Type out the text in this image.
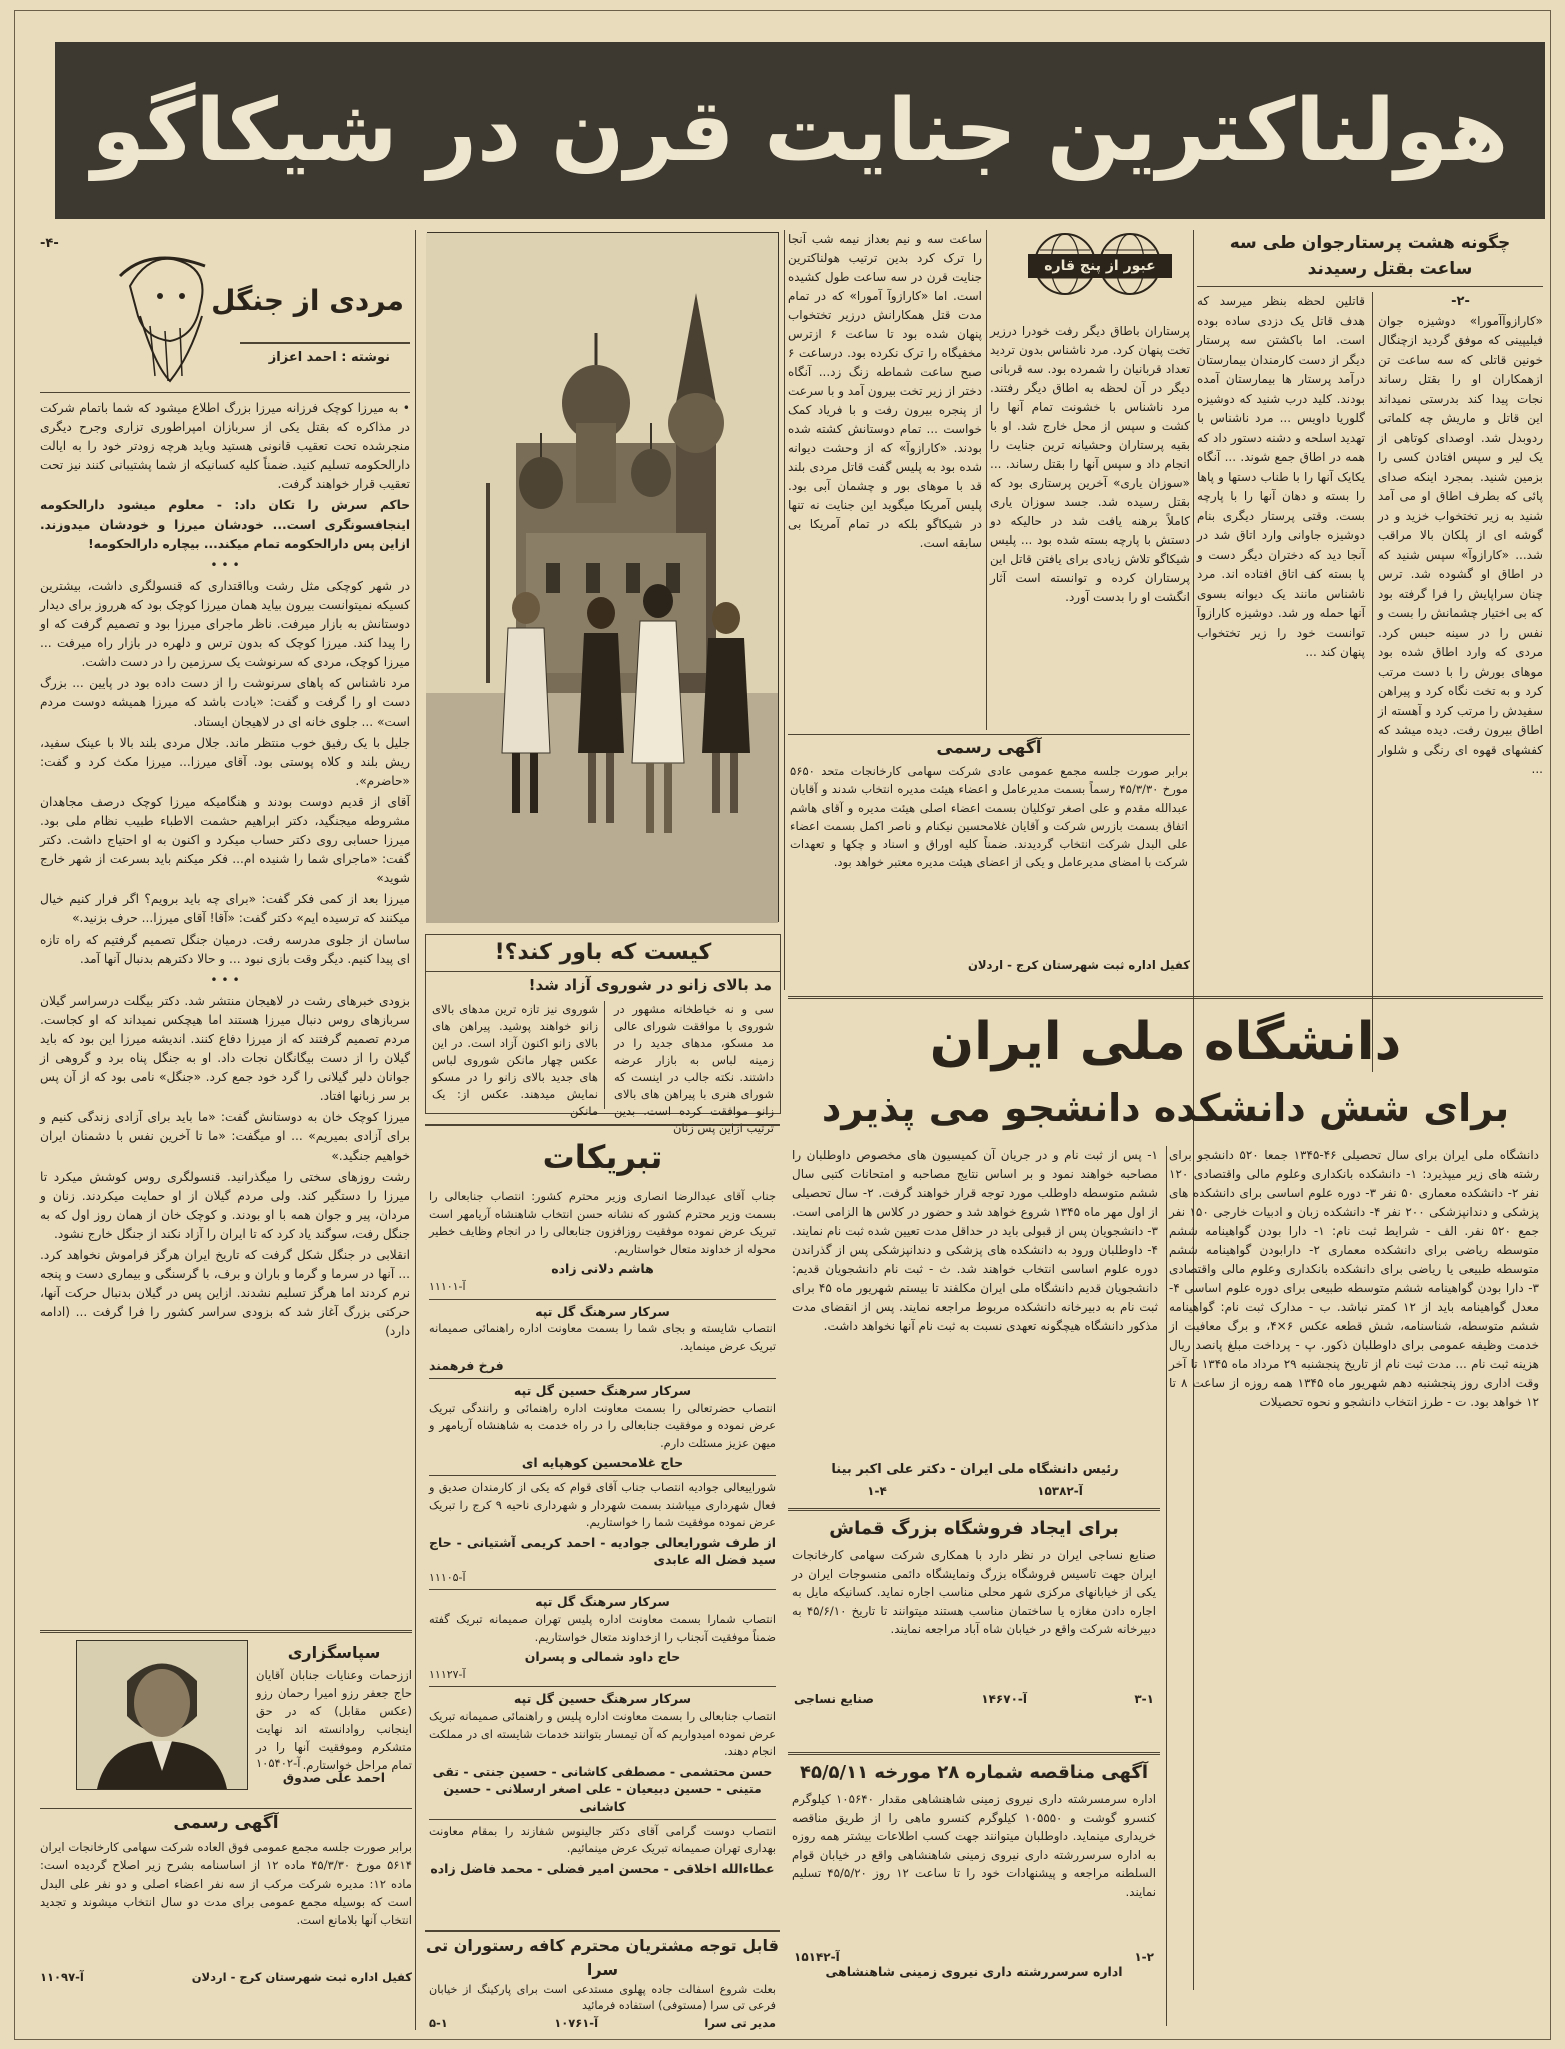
هولناکترین جنایت قرن در شیکاگو
چگونه هشت پرستارجوان طی سه
ساعت بقتل رسیدند
-۲-

«کارازوآآمورا» دوشیزه جوان فیلیپینی که موفق گردید ازچنگال خونین قاتلی که سه ساعت تن ازهمکاران او را بقتل رساند نجات پیدا کند بدرستی نمیداند این قاتل و ماریش چه کلماتی ردوبدل شد. اوصدای کوتاهی از یک لیر و سپس افتادن کسی را بزمین شنید. بمجرد اینکه صدای پائی که بطرف اطاق او می آمد شنید به زیر تختخواب خزید و در گوشه ای از پلکان بالا مراقب شد... «کارازوآ» سپس شنید که در اطاق او گشوده شد. ترس چنان سراپایش را فرا گرفته بود که بی اختیار چشمانش را بست و نفس را در سینه حبس کرد. مردی که وارد اطاق شده بود موهای بورش را با دست مرتب کرد و به تخت نگاه کرد و پیراهن سفیدش را مرتب کرد و آهسته از اطاق بیرون رفت. دیده میشد که کفشهای قهوه ای رنگی و شلوار ...

قاتلین لحظه بنظر میرسد که هدف قاتل یک دزدی ساده بوده است. اما باکشتن سه پرستار دیگر از دست کارمندان بیمارستان درآمد پرستار ها بیمارستان آمده بودند. کلید درب شنید که دوشیزه گلوریا داویس ... مرد ناشناس با تهدید اسلحه و دشنه دستور داد که همه در اطاق جمع شوند. ... آنگاه یکایک آنها را با طناب دستها و پاها را بسته و دهان آنها را با پارچه بست. وقتی پرستار دیگری بنام دوشیزه جاوانی وارد اتاق شد در آنجا دید که دختران دیگر دست و پا بسته کف اتاق افتاده اند. مرد ناشناس مانند یک دیوانه بسوی آنها حمله ور شد. دوشیزه کارازوآ توانست خود را زیر تختخواب پنهان کند ...

عبور از پنج قاره

پرستاران باطاق دیگر رفت خودرا درزیر تخت پنهان کرد. مرد ناشناس بدون تردید تعداد قربانیان را شمرده بود. سه قربانی دیگر در آن لحظه به اطاق دیگر رفتند. مرد ناشناس با خشونت تمام آنها را کشت و سپس از محل خارج شد. او با بقیه پرستاران وحشیانه ترین جنایت را انجام داد و سپس آنها را بقتل رساند. ... «سوزان یاری» آخرین پرستاری بود که بقتل رسیده شد. جسد سوزان یاری کاملاً برهنه یافت شد در حالیکه دو دستش با پارچه بسته شده بود ... پلیس شیکاگو تلاش زیادی برای یافتن قاتل این پرستاران کرده و توانسته است آثار انگشت او را بدست آورد.

ساعت سه و نیم بعداز نیمه شب آنجا را ترک کرد بدین ترتیب هولناکترین جنایت قرن در سه ساعت طول کشیده است. اما «کارازوآ آمورا» که در تمام مدت قتل همکارانش درزیر تختخواب پنهان شده بود تا ساعت ۶ ازترس مخفیگاه را ترک نکرده بود. درساعت ۶ صبح ساعت شماطه زنگ زد... آنگاه دختر از زیر تخت بیرون آمد و با سرعت از پنجره بیرون رفت و با فریاد کمک خواست ... تمام دوستانش کشته شده بودند. «کارازوآ» که از وحشت دیوانه شده بود به پلیس گفت قاتل مردی بلند قد با موهای بور و چشمان آبی بود. پلیس آمریکا میگوید این جنایت نه تنها در شیکاگو بلکه در تمام آمریکا بی سابقه است.

آگهی رسمی

برابر صورت جلسه مجمع عمومی عادی شرکت سهامی کارخانجات متحد ۵۶۵۰ مورخ ۴۵/۳/۳۰ رسماً بسمت مدیرعامل و اعضاء هیئت مدیره انتخاب شدند و آقایان عبدالله مقدم و علی اصغر توکلیان بسمت اعضاء اصلی هیئت مدیره و آقای هاشم اتفاق بسمت بازرس شرکت و آقایان غلامحسین نیکنام و ناصر اکمل بسمت اعضاء علی البدل شرکت انتخاب گردیدند. ضمناً کلیه اوراق و اسناد و چکها و تعهدات شرکت با امضای مدیرعامل و یکی از اعضای هیئت مدیره معتبر خواهد بود.

کفیل اداره ثبت شهرستان کرج - اردلان
کیست که باور کند؟!
مد بالای زانو در شوروی آزاد شد!

سی و نه خیاطخانه مشهور در شوروی با موافقت شورای عالی مد مسکو، مدهای جدید را در زمینه لباس به بازار عرضه داشتند. نکته جالب در اینست که شورای هنری با پیراهن های بالای زانو موافقت کرده است. بدین ترتیب ازاین پس زنان

شوروی نیز تازه ترین مدهای بالای زانو خواهند پوشید. پیراهن های بالای زانو اکنون آزاد است. در این عکس چهار مانکن شوروی لباس های جدید بالای زانو را در مسکو نمایش میدهند. عکس از: یک مانکن

-۴-
مردی از جنگل
نوشته : احمد اعزاز

• به میرزا کوچک فرزانه میرزا بزرگ اطلاع میشود که شما باتمام شرکت در مذاکره که بقتل یکی از سربازان امپراطوری تزاری وجرح دیگری منجرشده تحت تعقیب قانونی هستید وباید هرچه زودتر خود را به ایالت دارالحکومه تسلیم کنید. ضمناً کلیه کسانیکه از شما پشتیبانی کنند نیز تحت تعقیب قرار خواهند گرفت.

حاکم سرش را تکان داد: - معلوم میشود دارالحکومه اینجافسونگری است... خودشان میرزا و خودشان میدوزند. ازاین پس دارالحکومه تمام میکند... بیچاره دارالحکومه!

• • •

در شهر کوچکی مثل رشت وبااقتداری که قنسولگری داشت، بیشترین کسیکه نمیتوانست بیرون بیاید همان میرزا کوچک بود که هرروز برای دیدار دوستانش به بازار میرفت. ناظر ماجرای میرزا بود و تصمیم گرفت که او را پیدا کند. میرزا کوچک که بدون ترس و دلهره در بازار راه میرفت ... میرزا کوچک، مردی که سرنوشت یک سرزمین را در دست داشت.

مرد ناشناس که پاهای سرنوشت را از دست داده بود در پایین ... بزرگ دست او را گرفت و گفت: «یادت باشد که میرزا همیشه دوست مردم است» ... جلوی خانه ای در لاهیجان ایستاد.

جلیل با یک رفیق خوب منتظر ماند. جلال مردی بلند بالا با عینک سفید، ریش بلند و کلاه پوستی بود. آقای میرزا... میرزا مکث کرد و گفت: «حاضرم».

آقای از قدیم دوست بودند و هنگامیکه میرزا کوچک درصف مجاهدان مشروطه میجنگید، دکتر ابراهیم حشمت الاطباء طبیب نظام ملی بود. میرزا حسابی روی دکتر حساب میکرد و اکنون به او احتیاج داشت. دکتر گفت: «ماجرای شما را شنیده ام... فکر میکنم باید بسرعت از شهر خارج شوید»

میرزا بعد از کمی فکر گفت: «برای چه باید برویم؟ اگر فرار کنیم خیال میکنند که ترسیده ایم» دکتر گفت: «آقا! آقای میرزا... حرف بزنید.»

ساسان از جلوی مدرسه رفت. درمیان جنگل تصمیم گرفتیم که راه تازه ای پیدا کنیم. دیگر وقت بازی نبود ... و حالا دکترهم بدنبال آنها آمد.

• • •

بزودی خبرهای رشت در لاهیجان منتشر شد. دکتر بیگلت درسراسر گیلان سربازهای روس دنبال میرزا هستند اما هیچکس نمیداند که او کجاست. مردم تصمیم گرفتند که از میرزا دفاع کنند. اندیشه میرزا این بود که باید گیلان را از دست بیگانگان نجات داد. او به جنگل پناه برد و گروهی از جوانان دلیر گیلانی را گرد خود جمع کرد. «جنگل» نامی بود که از آن پس بر سر زبانها افتاد.

میرزا کوچک خان به دوستانش گفت: «ما باید برای آزادی زندگی کنیم و برای آزادی بمیریم» ... او میگفت: «ما تا آخرین نفس با دشمنان ایران خواهیم جنگید.»

رشت روزهای سختی را میگذرانید. قنسولگری روس کوشش میکرد تا میرزا را دستگیر کند. ولی مردم گیلان از او حمایت میکردند. زنان و مردان، پیر و جوان همه با او بودند. و کوچک خان از همان روز اول که به جنگل رفت، سوگند یاد کرد که تا ایران را آزاد نکند از جنگل خارج نشود.

انقلابی در جنگل شکل گرفت که تاریخ ایران هرگز فراموش نخواهد کرد. ... آنها در سرما و گرما و باران و برف، با گرسنگی و بیماری دست و پنجه نرم کردند اما هرگز تسلیم نشدند. ازاین پس در گیلان بدنبال حرکت آنها، حرکتی بزرگ آغاز شد که بزودی سراسر کشور را فرا گرفت ... (ادامه دارد)

سپاسگزاری
اززحمات وعنایات جنابان آقایان حاج جعفر رزو امیرا رحمان رزو (عکس مقابل) که در حق اینجانب روادانسته اند نهایت متشکرم وموفقیت آنها را در تمام مراحل خواستارم.
آ-۱۰۵۴۰۲
احمد علی صدوق
آگهی رسمی
برابر صورت جلسه مجمع عمومی فوق العاده شرکت سهامی کارخانجات ایران ۵۶۱۴ مورخ ۴۵/۳/۳۰ ماده ۱۲ از اساسنامه بشرح زیر اصلاح گردیده است: ماده ۱۲: مدیره شرکت مرکب از سه نفر اعضاء اصلی و دو نفر علی البدل است که بوسیله مجمع عمومی برای مدت دو سال انتخاب میشوند و تجدید انتخاب آنها بلامانع است.
کفیل اداره ثبت شهرستان کرج - اردلان
آ-۱۱۰۹۷
تبریکات

جناب آقای عبدالرضا انصاری وزیر محترم کشور: انتصاب جنابعالی را بسمت وزیر محترم کشور که نشانه حسن انتخاب شاهنشاه آریامهر است تبریک عرض نموده موفقیت روزافزون جنابعالی را در انجام وظایف خطیر محوله از خداوند متعال خواستاریم.

هاشم دلانی زاده
آ-۱۱۱۰۱
سرکار سرهنگ گل تپه

انتصاب شایسته و بجای شما را بسمت معاونت اداره راهنمائی صمیمانه تبریک عرض مینماید.

فرخ فرهمند
سرکار سرهنگ حسین گل تپه

انتصاب حضرتعالی را بسمت معاونت اداره راهنمائی و رانندگی تبریک عرض نموده و موفقیت جنابعالی را در راه خدمت به شاهنشاه آریامهر و میهن عزیز مسئلت دارم.

حاج غلامحسین کوهپایه ای

شوراییعالی جوادیه انتصاب جناب آقای قوام که یکی از کارمندان صدیق و فعال شهرداری میباشند بسمت شهردار و شهرداری ناحیه ۹ کرج را تبریک عرض نموده موفقیت شما را خواستاریم.

از طرف شورایعالی جوادیه - احمد کریمی آشتیانی - حاج سید فضل اله عابدی
آ-۱۱۱۰۵
سرکار سرهنگ گل تپه

انتصاب شمارا بسمت معاونت اداره پلیس تهران صمیمانه تبریک گفته ضمناً موفقیت آنجناب را ازخداوند متعال خواستاریم.

حاج داود شمالی و پسران
آ-۱۱۱۲۷
سرکار سرهنگ حسین گل تپه

انتصاب جنابعالی را بسمت معاونت اداره پلیس و راهنمائی صمیمانه تبریک عرض نموده امیدواریم که آن تیمسار بتوانند خدمات شایسته ای در مملکت انجام دهند.

حسن محتشمی - مصطفی کاشانی - حسین جنتی - تقی متینی - حسین دبیعیان - علی اصغر ارسلانی - حسین کاشانی

انتصاب دوست گرامی آقای دکتر جالینوس شفازند را بمقام معاونت بهداری تهران صمیمانه تبریک عرض مینمائیم.

عطاءالله اخلاقی - محسن امیر فضلی - محمد فاضل زاده
قابل توجه مشتریان محترم کافه رستوران تی سرا
بعلت شروع اسفالت جاده پهلوی مستدعی است برای پارکینگ از خیابان فرعی تی سرا (مستوفی) استفاده فرمائید
مدیر تی سرا
آ-۱۰۷۶۱
۵-۱
دانشگاه ملی ایران
برای شش دانشکده دانشجو می پذیرد
دانشگاه ملی ایران برای سال تحصیلی ۴۶-۱۳۴۵ جمعا ۵۲۰ دانشجو برای رشته های زیر میپذیرد: ۱- دانشکده بانکداری وعلوم مالی واقتصادی ۱۲۰ نفر ۲- دانشکده معماری ۵۰ نفر ۳- دوره علوم اساسی برای دانشکده های پزشکی و دندانپزشکی ۲۰۰ نفر ۴- دانشکده زبان و ادبیات خارجی ۱۵۰ نفر جمع ۵۲۰ نفر. الف - شرایط ثبت نام: ۱- دارا بودن گواهینامه ششم متوسطه ریاضی برای دانشکده معماری ۲- دارابودن گواهینامه ششم متوسطه طبیعی یا ریاضی برای دانشکده بانکداری وعلوم مالی واقتصادی ۳- دارا بودن گواهینامه ششم متوسطه طبیعی برای دوره علوم اساسی ۴- معدل گواهینامه باید از ۱۲ کمتر نباشد. ب - مدارک ثبت نام: گواهینامه ششم متوسطه، شناسنامه، شش قطعه عکس ۶×۴، و برگ معافیت از خدمت وظیفه عمومی برای داوطلبان ذکور. پ - پرداخت مبلغ پانصد ریال هزینه ثبت نام ... مدت ثبت نام از تاریخ پنجشنبه ۲۹ مرداد ماه ۱۳۴۵ تا آخر وقت اداری روز پنجشنبه دهم شهریور ماه ۱۳۴۵ همه روزه از ساعت ۸ تا ۱۲ خواهد بود. ت - طرز انتخاب دانشجو و نحوه تحصیلات
۱- پس از ثبت نام و در جریان آن کمیسیون های مخصوص داوطلبان را مصاحبه خواهند نمود و بر اساس نتایج مصاحبه و امتحانات کتبی سال ششم متوسطه داوطلب مورد توجه قرار خواهند گرفت. ۲- سال تحصیلی از اول مهر ماه ۱۳۴۵ شروع خواهد شد و حضور در کلاس ها الزامی است. ۳- دانشجویان پس از قبولی باید در حداقل مدت تعیین شده ثبت نام نمایند. ۴- داوطلبان ورود به دانشکده های پزشکی و دندانپزشکی پس از گذراندن دوره علوم اساسی انتخاب خواهند شد. ث - ثبت نام دانشجویان قدیم: دانشجویان قدیم دانشگاه ملی ایران مکلفند تا بیستم شهریور ماه ۴۵ برای ثبت نام به دبیرخانه دانشکده مربوط مراجعه نمایند. پس از انقضای مدت مذکور دانشگاه هیچگونه تعهدی نسبت به ثبت نام آنها نخواهد داشت.
رئیس دانشگاه ملی ایران - دکتر علی اکبر بینا
آ-۱۵۳۸۲
۱-۴
برای ایجاد فروشگاه بزرگ قماش
صنایع نساجی ایران در نظر دارد با همکاری شرکت سهامی کارخانجات ایران جهت تاسیس فروشگاه بزرگ ونمایشگاه دائمی منسوجات ایران در یکی از خیابانهای مرکزی شهر محلی مناسب اجاره نماید. کسانیکه مایل به اجاره دادن مغازه یا ساختمان مناسب هستند میتوانند تا تاریخ ۴۵/۶/۱۰ به دبیرخانه شرکت واقع در خیابان شاه آباد مراجعه نمایند.
۳-۱
آ-۱۴۶۷۰
صنایع نساجی
آگهی مناقصه شماره ۲۸ مورخه ۴۵/۵/۱۱
اداره سرمسرشته داری نیروی زمینی شاهنشاهی مقدار ۱۰۵۶۴۰ کیلوگرم کنسرو گوشت و ۱۰۵۵۵۰ کیلوگرم کنسرو ماهی را از طریق مناقصه خریداری مینماید. داوطلبان میتوانند جهت کسب اطلاعات بیشتر همه روزه به اداره سرسررشته داری نیروی زمینی شاهنشاهی واقع در خیابان قوام السلطنه مراجعه و پیشنهادات خود را تا ساعت ۱۲ روز ۴۵/۵/۲۰ تسلیم نمایند.
۱-۲
آ-۱۵۱۴۲
اداره سرسررشته داری نیروی زمینی شاهنشاهی
